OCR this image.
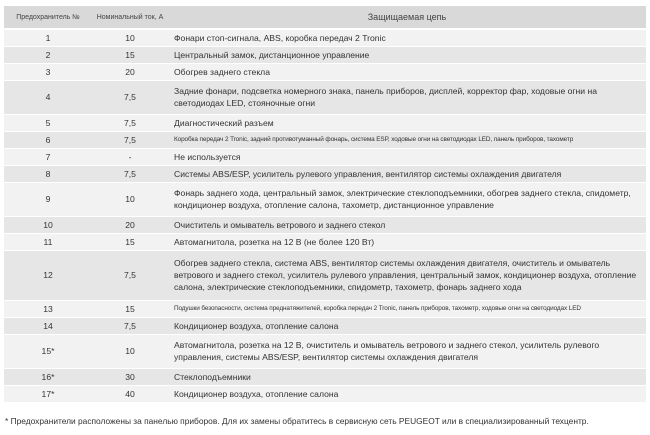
Предохранитель №	Номинальный ток, А	Защищаемая цепь
1	10	Фонари стоп-сигнала, ABS, коробка передач 2 Tronic
2	15	Центральный замок, дистанционное управление
3	20	Обогрев заднего стекла
4	7,5	Задние фонари, подсветка номерного знака, панель приборов, дисплей, корректор фар, ходовые огни на светодиодах LED, стояночные огни
5	7,5	Диагностический разъем
6	7,5	Коробка передач 2 Tronic, задний противотуманный фонарь, система ESP, ходовые огни на светодиодах LED, панель приборов, тахометр
7	-	Не используется
8	7,5	Системы ABS/ESP, усилитель рулевого управления, вентилятор системы охлаждения двигателя
9	10	Фонарь заднего хода, центральный замок, электрические стеклоподъемники, обогрев заднего стекла, спидометр, кондиционер воздуха, отопление салона, тахометр, дистанционное управление
10	20	Очиститель и омыватель ветрового и заднего стекол
11	15	Автомагнитола, розетка на 12 В (не более 120 Вт)
12	7,5	Обогрев заднего стекла, система ABS, вентилятор системы охлаждения двигателя, очиститель и омыватель ветрового и заднего стекол, усилитель рулевого управления, центральный замок, кондиционер воздуха, отопление салона, электрические стеклоподъемники, спидометр, тахометр, фонарь заднего хода
13	15	Подушки безопасности, система преднатяжителей, коробка передач 2 Tronic, панель приборов, тахометр, ходовые огни на светодиодах LED
14	7,5	Кондиционер воздуха, отопление салона
15*	10	Автомагнитола, розетка на 12 В, очиститель и омыватель ветрового и заднего стекол, усилитель рулевого управления, системы ABS/ESP, вентилятор системы охлаждения двигателя
16*	30	Стеклоподъемники
17*	40	Кондиционер воздуха, отопление салона
* Предохранители расположены за панелью приборов. Для их замены обратитесь в сервисную сеть PEUGEOT или в специализированный техцентр.
